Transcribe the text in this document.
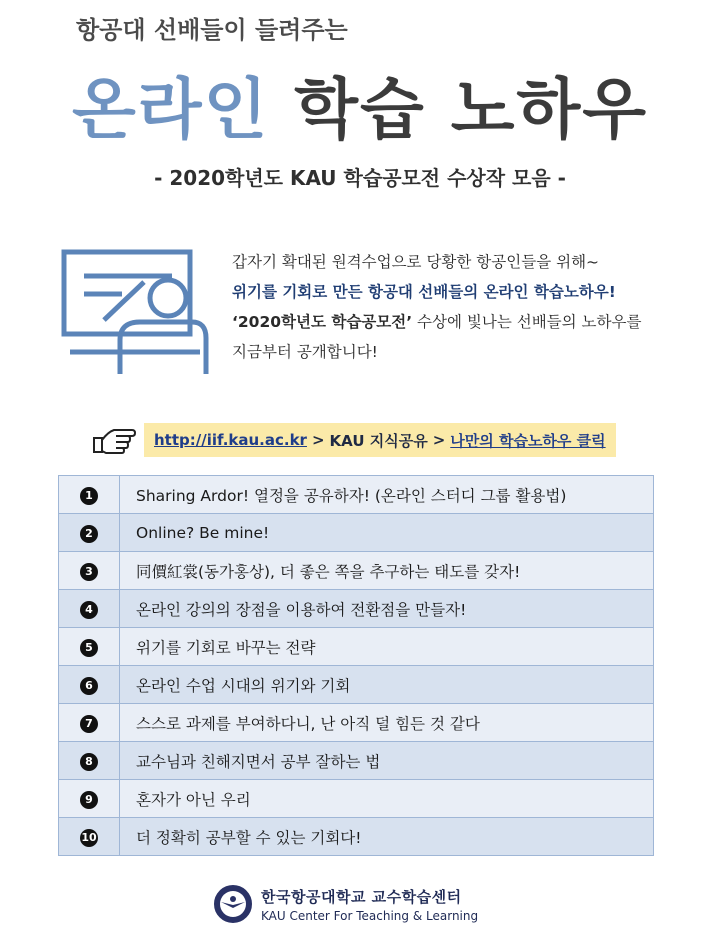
항공대 선배들이 들려주는
온라인 학습 노하우
- 2020학년도 KAU 학습공모전 수상작 모음 -
갑자기 확대된 원격수업으로 당황한 항공인들을 위해~
위기를 기회로 만든 항공대 선배들의 온라인 학습노하우!
‘2020학년도 학습공모전’ 수상에 빛나는 선배들의 노하우를
지금부터 공개합니다!
http://iif.kau.ac.kr > KAU 지식공유 > 나만의 학습노하우 클릭
1	Sharing Ardor! 열정을 공유하자! (온라인 스터디 그룹 활용법)
2	Online? Be mine!
3	同價紅裳(동가홍상), 더 좋은 쪽을 추구하는 태도를 갖자!
4	온라인 강의의 장점을 이용하여 전환점을 만들자!
5	위기를 기회로 바꾸는 전략
6	온라인 수업 시대의 위기와 기회
7	스스로 과제를 부여하다니, 난 아직 덜 힘든 것 같다
8	교수님과 친해지면서 공부 잘하는 법
9	혼자가 아닌 우리
10	더 정확히 공부할 수 있는 기회다!
한국항공대학교 교수학습센터
KAU Center For Teaching & Learning
